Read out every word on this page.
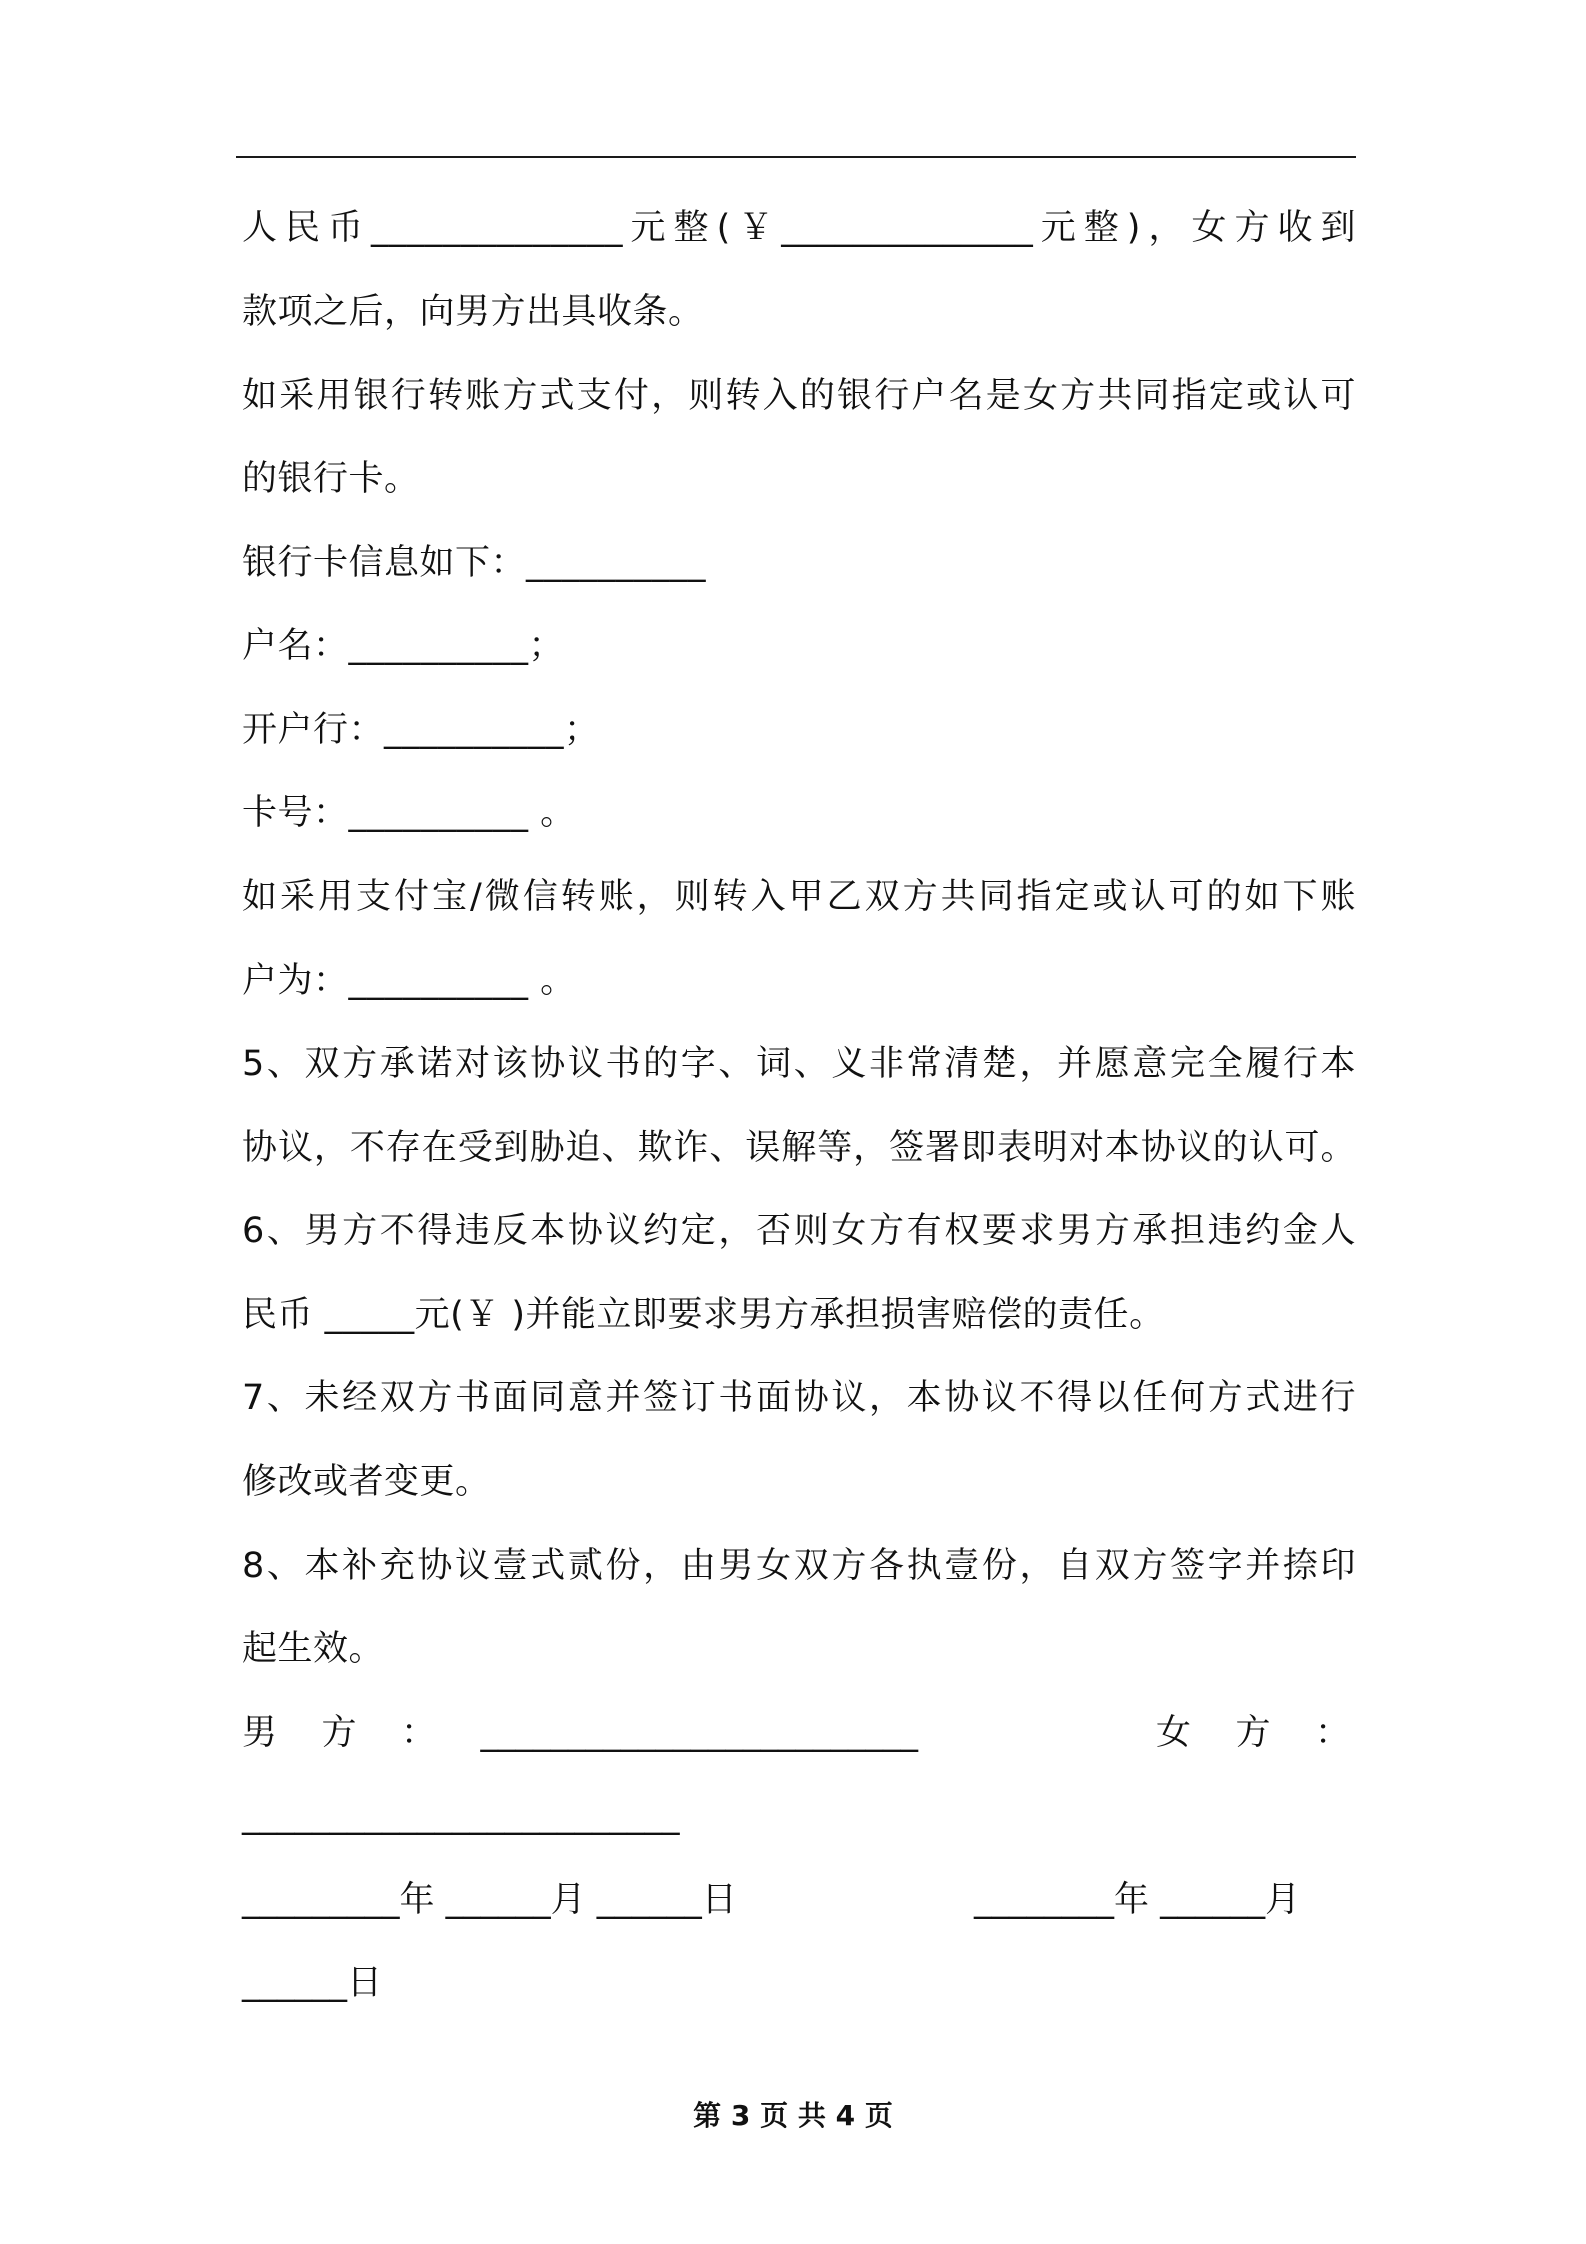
人民币______________元整(￥______________元整)，女方收到
款项之后，向男方出具收条。
如采用银行转账方式支付，则转入的银行户名是女方共同指定或认可
的银行卡。
银行卡信息如下：__________
户名：__________；
开户行：__________；
卡号：__________ 。
如采用支付宝/微信转账，则转入甲乙双方共同指定或认可的如下账
户为：__________ 。
5、双方承诺对该协议书的字、词、义非常清楚，并愿意完全履行本
协议，不存在受到胁迫、欺诈、误解等，签署即表明对本协议的认可。
6、男方不得违反本协议约定，否则女方有权要求男方承担违约金人
民币 _____元(￥ )并能立即要求男方承担损害赔偿的责任。
7、未经双方书面同意并签订书面协议，本协议不得以任何方式进行
修改或者变更。
8、本补充协议壹式贰份，由男女双方各执壹份，自双方签字并捺印
起生效。
男    方    ：    _________________________	女    方    ：
_________________________
_________年 ______月 ______日	________年 ______月
______日
第 3 页 共 4 页
